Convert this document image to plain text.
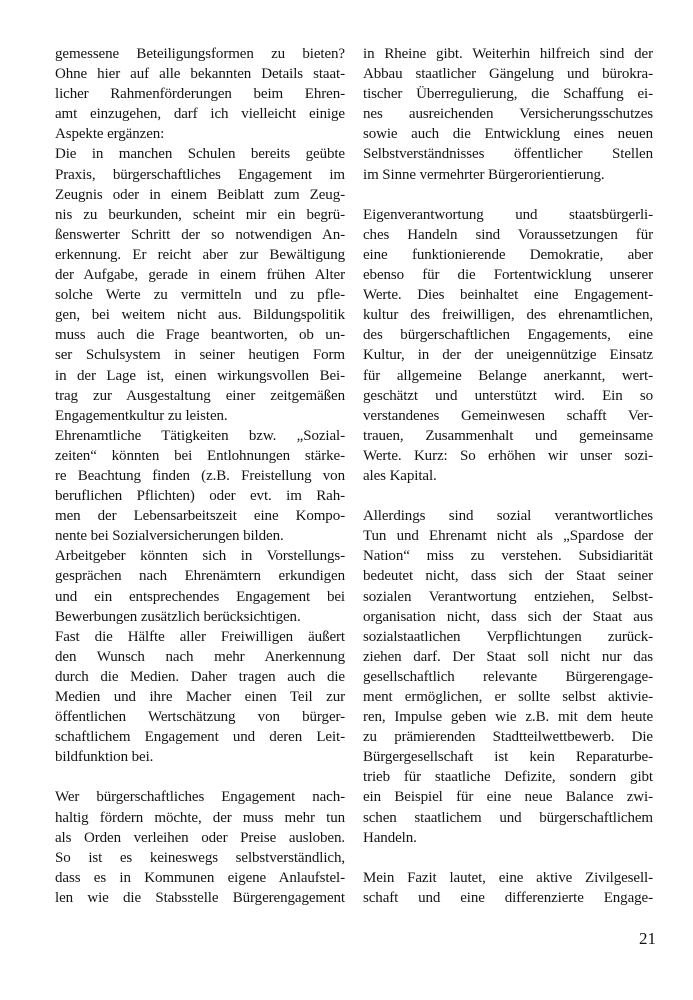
gemessene Beteiligungsformen zu bieten?
Ohne hier auf alle bekannten Details staat-
licher Rahmenförderungen beim Ehren-
amt einzugehen, darf ich vielleicht einige
Aspekte ergänzen:
Die in manchen Schulen bereits geübte
Praxis, bürgerschaftliches Engagement im
Zeugnis oder in einem Beiblatt zum Zeug-
nis zu beurkunden, scheint mir ein begrü-
ßenswerter Schritt der so notwendigen An-
erkennung. Er reicht aber zur Bewältigung
der Aufgabe, gerade in einem frühen Alter
solche Werte zu vermitteln und zu pfle-
gen, bei weitem nicht aus. Bildungspolitik
muss auch die Frage beantworten, ob un-
ser Schulsystem in seiner heutigen Form
in der Lage ist, einen wirkungsvollen Bei-
trag zur Ausgestaltung einer zeitgemäßen
Engagementkultur zu leisten.
Ehrenamtliche Tätigkeiten bzw. „Sozial-
zeiten“ könnten bei Entlohnungen stärke-
re Beachtung finden (z.B. Freistellung von
beruflichen Pflichten) oder evt. im Rah-
men der Lebensarbeitszeit eine Kompo-
nente bei Sozialversicherungen bilden.
Arbeitgeber könnten sich in Vorstellungs-
gesprächen nach Ehrenämtern erkundigen
und ein entsprechendes Engagement bei
Bewerbungen zusätzlich berücksichtigen.
Fast die Hälfte aller Freiwilligen äußert
den Wunsch nach mehr Anerkennung
durch die Medien. Daher tragen auch die
Medien und ihre Macher einen Teil zur
öffentlichen Wertschätzung von bürger-
schaftlichem Engagement und deren Leit-
bildfunktion bei.
Wer bürgerschaftliches Engagement nach-
haltig fördern möchte, der muss mehr tun
als Orden verleihen oder Preise ausloben.
So ist es keineswegs selbstverständlich,
dass es in Kommunen eigene Anlaufstel-
len wie die Stabsstelle Bürgerengagement
in Rheine gibt. Weiterhin hilfreich sind der
Abbau staatlicher Gängelung und bürokra-
tischer Überregulierung, die Schaffung ei-
nes ausreichenden Versicherungsschutzes
sowie auch die Entwicklung eines neuen
Selbstverständnisses öffentlicher Stellen
im Sinne vermehrter Bürgerorientierung.
Eigenverantwortung und staatsbürgerli-
ches Handeln sind Voraussetzungen für
eine funktionierende Demokratie, aber
ebenso für die Fortentwicklung unserer
Werte. Dies beinhaltet eine Engagement-
kultur des freiwilligen, des ehrenamtlichen,
des bürgerschaftlichen Engagements, eine
Kultur, in der der uneigennützige Einsatz
für allgemeine Belange anerkannt, wert-
geschätzt und unterstützt wird. Ein so
verstandenes Gemeinwesen schafft Ver-
trauen, Zusammenhalt und gemeinsame
Werte. Kurz: So erhöhen wir unser sozi-
ales Kapital.
Allerdings sind sozial verantwortliches
Tun und Ehrenamt nicht als „Spardose der
Nation“ miss zu verstehen. Subsidiarität
bedeutet nicht, dass sich der Staat seiner
sozialen Verantwortung entziehen, Selbst-
organisation nicht, dass sich der Staat aus
sozialstaatlichen Verpflichtungen zurück-
ziehen darf. Der Staat soll nicht nur das
gesellschaftlich relevante Bürgerengage-
ment ermöglichen, er sollte selbst aktivie-
ren, Impulse geben wie z.B. mit dem heute
zu prämierenden Stadtteilwettbewerb. Die
Bürgergesellschaft ist kein Reparaturbe-
trieb für staatliche Defizite, sondern gibt
ein Beispiel für eine neue Balance zwi-
schen staatlichem und bürgerschaftlichem
Handeln.
Mein Fazit lautet, eine aktive Zivilgesell-
schaft und eine differenzierte Engage-
21
